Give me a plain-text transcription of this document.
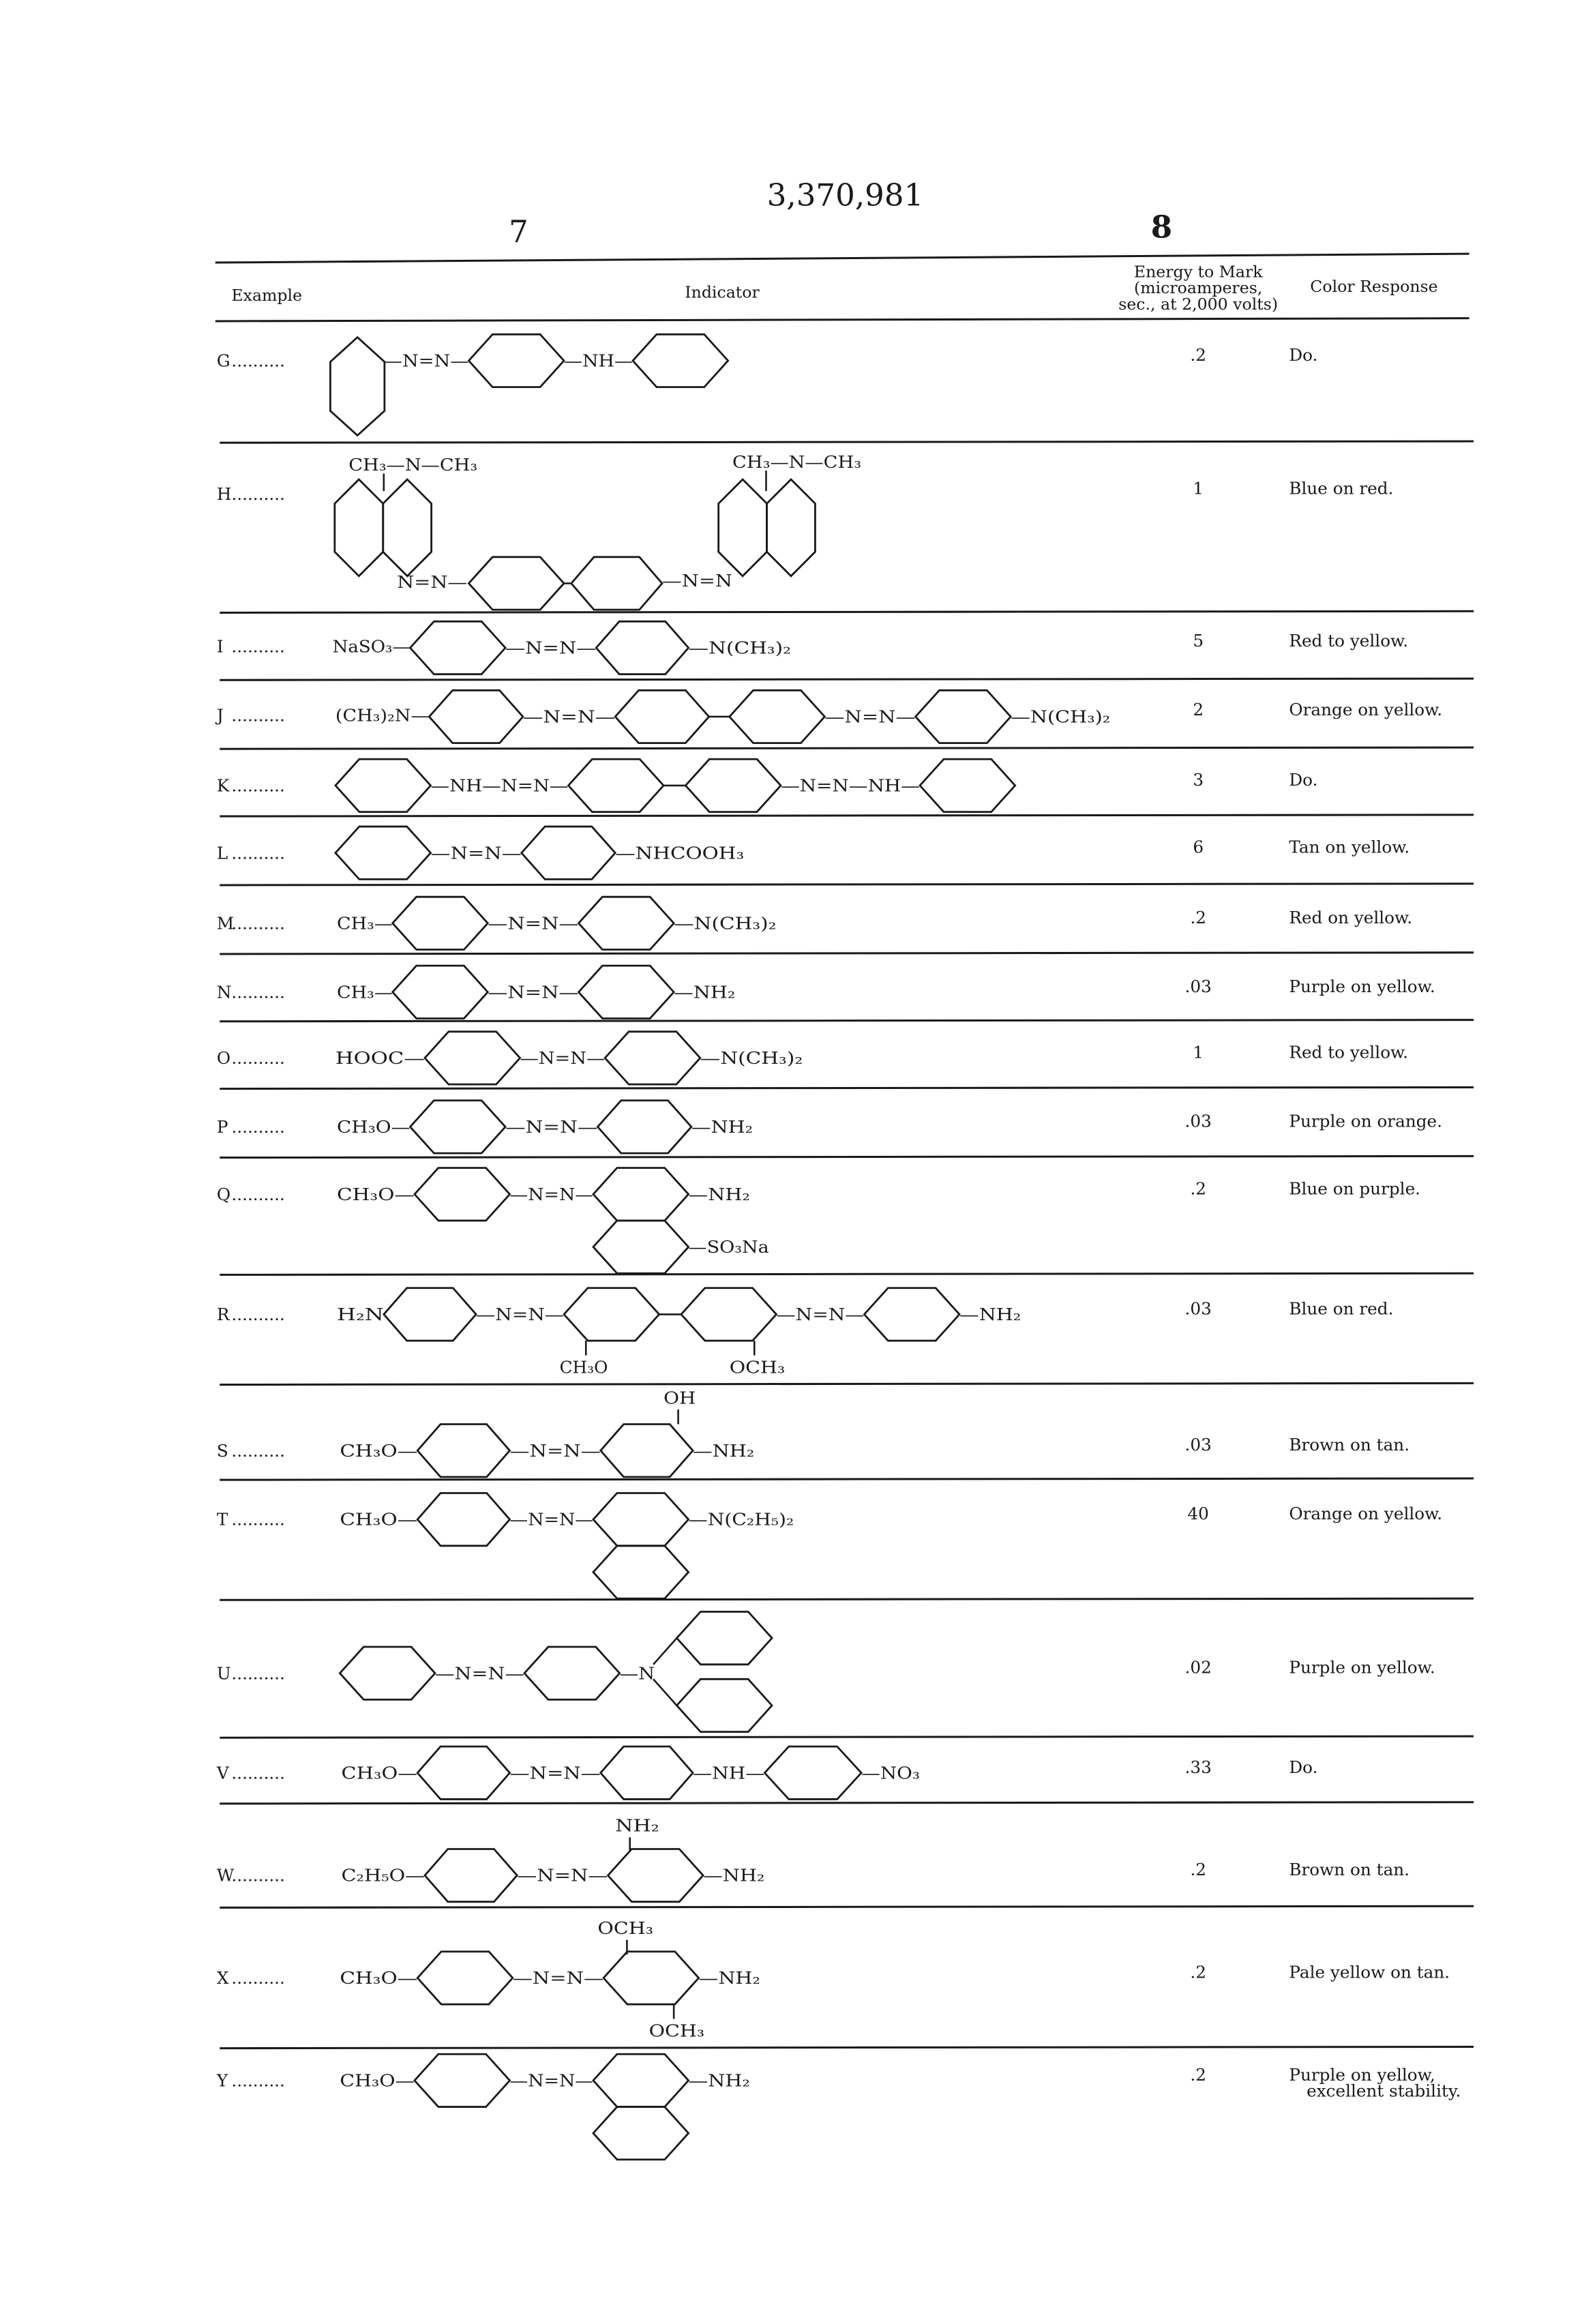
3,370,981
7	8
Example	Indicator
Energy to Mark
(microamperes,
sec., at 2,000 volts)
Color Response
G ..........	—N=N—	—NH—	.2	Do.
H ..........
CH₃—N—CH₃	CH₃—N—CH₃
N=N—	—N=N
1	Blue on red.
I ..........	NaSO₃—	—N=N—	—N(CH₃)₂	5	Red to yellow.
J ..........	(CH₃)₂N—	—N=N—	—N=N—	—N(CH₃)₂	2	Orange on yellow.
K ..........	—NH—N=N—	—N=N—NH—	3	Do.
L ..........	—N=N—	—NHCOOH₃	6	Tan on yellow.
M
..........	CH₃—	—N=N—	—N(CH₃)₂	.2	Red on yellow.
N ..........	CH₃—	—N=N—	—NH₂	.03	Purple on yellow.
O ..........	HOOC—	—N=N—	—N(CH₃)₂	1	Red to yellow.
P ..........	CH₃O—	—N=N—	—NH₂	.03	Purple on orange.
Q ..........	CH₃O—	—N=N—	—NH₂
—SO₃Na
.2	Blue on purple.
R ..........	H₂N	—N=N—	—N=N—	—NH₂
CH₃O	OCH₃
.03	Blue on red.
S ..........
OH
CH₃O—	—N=N—	—NH₂	.03	Brown on tan.
T ..........	CH₃O—	—N=N—	—N(C₂H₅)₂	40	Orange on yellow.
U ..........	—N=N—	—N	.02	Purple on yellow.
V ..........	CH₃O—	—N=N—	—NH—	—NO₃	.33	Do.
W
..........
NH₂
C₂H₅O—	—N=N—	—NH₂	.2	Brown on tan.
X ..........
OCH₃
CH₃O—	—N=N—	—NH₂
OCH₃
.2	Pale yellow on tan.
Y ..........	CH₃O—	—N=N—	—NH₂	.2	Purple on yellow,
excellent stability.
